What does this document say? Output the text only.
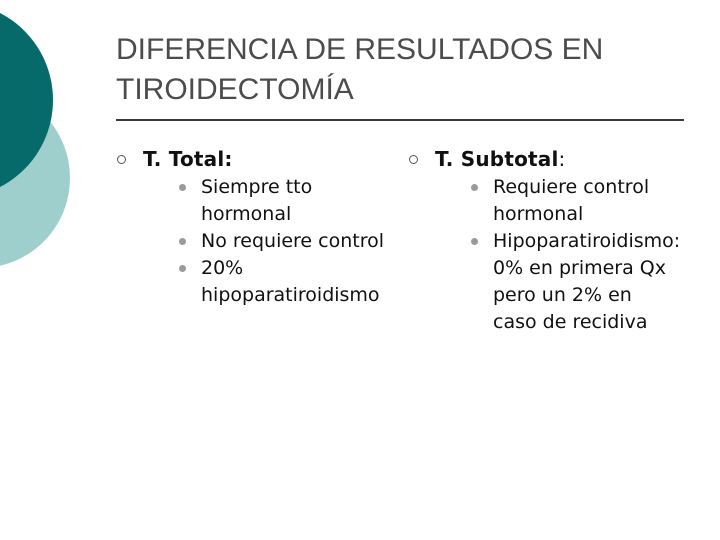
DIFERENCIA DE RESULTADOS EN
TIROIDECTOMÍA
T. Total:
Siempre tto
hormonal
No requiere control
20%
hipoparatiroidismo
T. Subtotal:
Requiere control
hormonal
Hipoparatiroidismo:
0% en primera Qx
pero un 2% en
caso de recidiva
